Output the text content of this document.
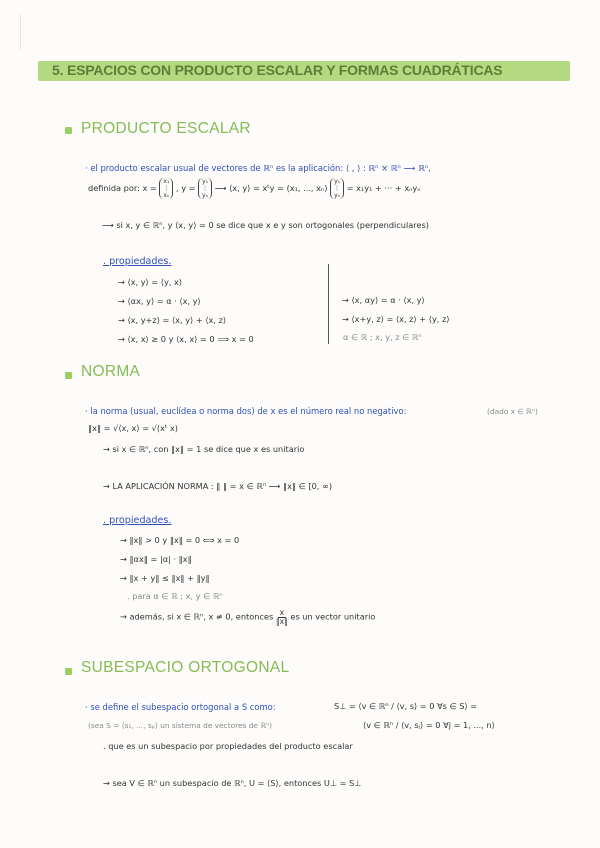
5. ESPACIOS CON PRODUCTO ESCALAR Y FORMAS CUADRÁTICAS
PRODUCTO ESCALAR
· el producto escalar usual de vectores de ℝⁿ es la aplicación: ⟨ , ⟩ : ℝⁿ × ℝⁿ ⟶ ℝⁿ,
definida por: x = x₁
⋮
xₙ , y = y₁
⋮
yₙ ⟶ ⟨x, y⟩ = xᵗy = (x₁, ..., xₙ) y₁
⋮
yₙ = x₁y₁ + ··· + xₙyₙ
⟶ si x, y ∈ ℝⁿ, y ⟨x, y⟩ = 0 se dice que x e y son ortogonales (perpendiculares)
. propiedades.
→ ⟨x, y⟩ = ⟨y, x⟩
→ ⟨αx, y⟩ = α · ⟨x, y⟩
→ ⟨x, y+z⟩ = ⟨x, y⟩ + ⟨x, z⟩
→ ⟨x, x⟩ ≥ 0 y ⟨x, x⟩ = 0 ⟹ x = 0
→ ⟨x, αy⟩ = α · ⟨x, y⟩
→ ⟨x+y, z⟩ = ⟨x, z⟩ + ⟨y, z⟩
α ∈ ℝ ; x, y, z ∈ ℝⁿ
NORMA
· la norma (usual, euclídea o norma dos) de x es el número real no negativo:	(dado x ∈ ℝⁿ)
‖x‖ = √⟨x, x⟩ = √(xᵗ x)
→ si x ∈ ℝⁿ, con ‖x‖ = 1 se dice que x es unitario
→ LA APLICACIÓN NORMA : ‖ ‖ = x ∈ ℝⁿ ⟶ ‖x‖ ∈ [0, ∞)
. propiedades.
→ ‖x‖ > 0 y ‖x‖ = 0 ⟺ x = 0
→ ‖αx‖ = |α| · ‖x‖
→ ‖x + y‖ ≤ ‖x‖ + ‖y‖
. para α ∈ ℝ ; x, y ∈ ℝⁿ
→ además, si x ∈ ℝⁿ, x ≠ 0, entonces $\frac{x}{‖x‖}$ es un vector unitario
SUBESPACIO ORTOGONAL
· se define el subespacio ortogonal a S como:	S⊥ = ⟨v ∈ ℝⁿ / ⟨v, s⟩ = 0 ∀s ∈ S⟩ =
(sea S = ⟨s₁, ..., sₚ⟩ un sistema de vectores de ℝⁿ)	⟨v ∈ ℝⁿ / ⟨v, sⱼ⟩ = 0 ∀j = 1, ..., n⟩
. que es un subespacio por propiedades del producto escalar
→ sea V ∈ ℝⁿ un subespacio de ℝⁿ, U = ⟨S⟩, entonces U⊥ = S⊥
